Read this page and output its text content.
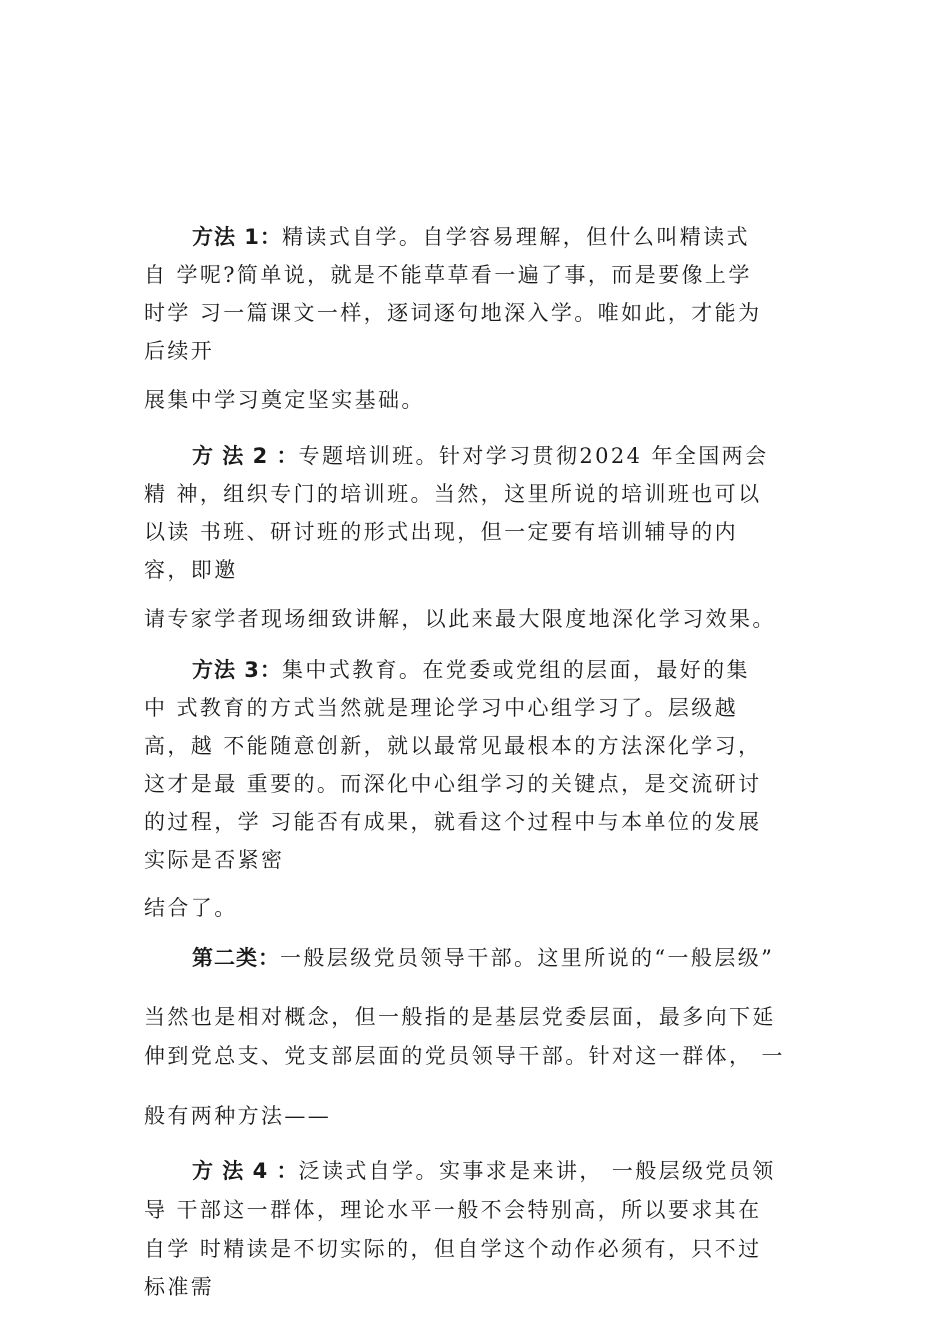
方法 1：精读式自学。自学容易理解，但什么叫精读式
自 学呢?简单说，就是不能草草看一遍了事，而是要像上学
时学 习一篇课文一样，逐词逐句地深入学。唯如此，才能为
后续开
展集中学习奠定坚实基础。
方 法 2 ：专题培训班。针对学习贯彻2024 年全国两会
精 神，组织专门的培训班。当然，这里所说的培训班也可以
以读 书班、研讨班的形式出现，但一定要有培训辅导的内
容，即邀
请专家学者现场细致讲解，以此来最大限度地深化学习效果。
方法 3：集中式教育。在党委或党组的层面，最好的集
中 式教育的方式当然就是理论学习中心组学习了。层级越
高，越 不能随意创新，就以最常见最根本的方法深化学习，
这才是最 重要的。而深化中心组学习的关键点，是交流研讨
的过程，学 习能否有成果，就看这个过程中与本单位的发展
实际是否紧密
结合了。
第二类：一般层级党员领导干部。这里所说的“一般层级”
当然也是相对概念，但一般指的是基层党委层面，最多向下延
伸到党总支、党支部层面的党员领导干部。针对这一群体， 一
般有两种方法——
方 法 4 ：泛读式自学。实事求是来讲， 一般层级党员领
导 干部这一群体，理论水平一般不会特别高，所以要求其在
自学 时精读是不切实际的，但自学这个动作必须有，只不过
标准需
